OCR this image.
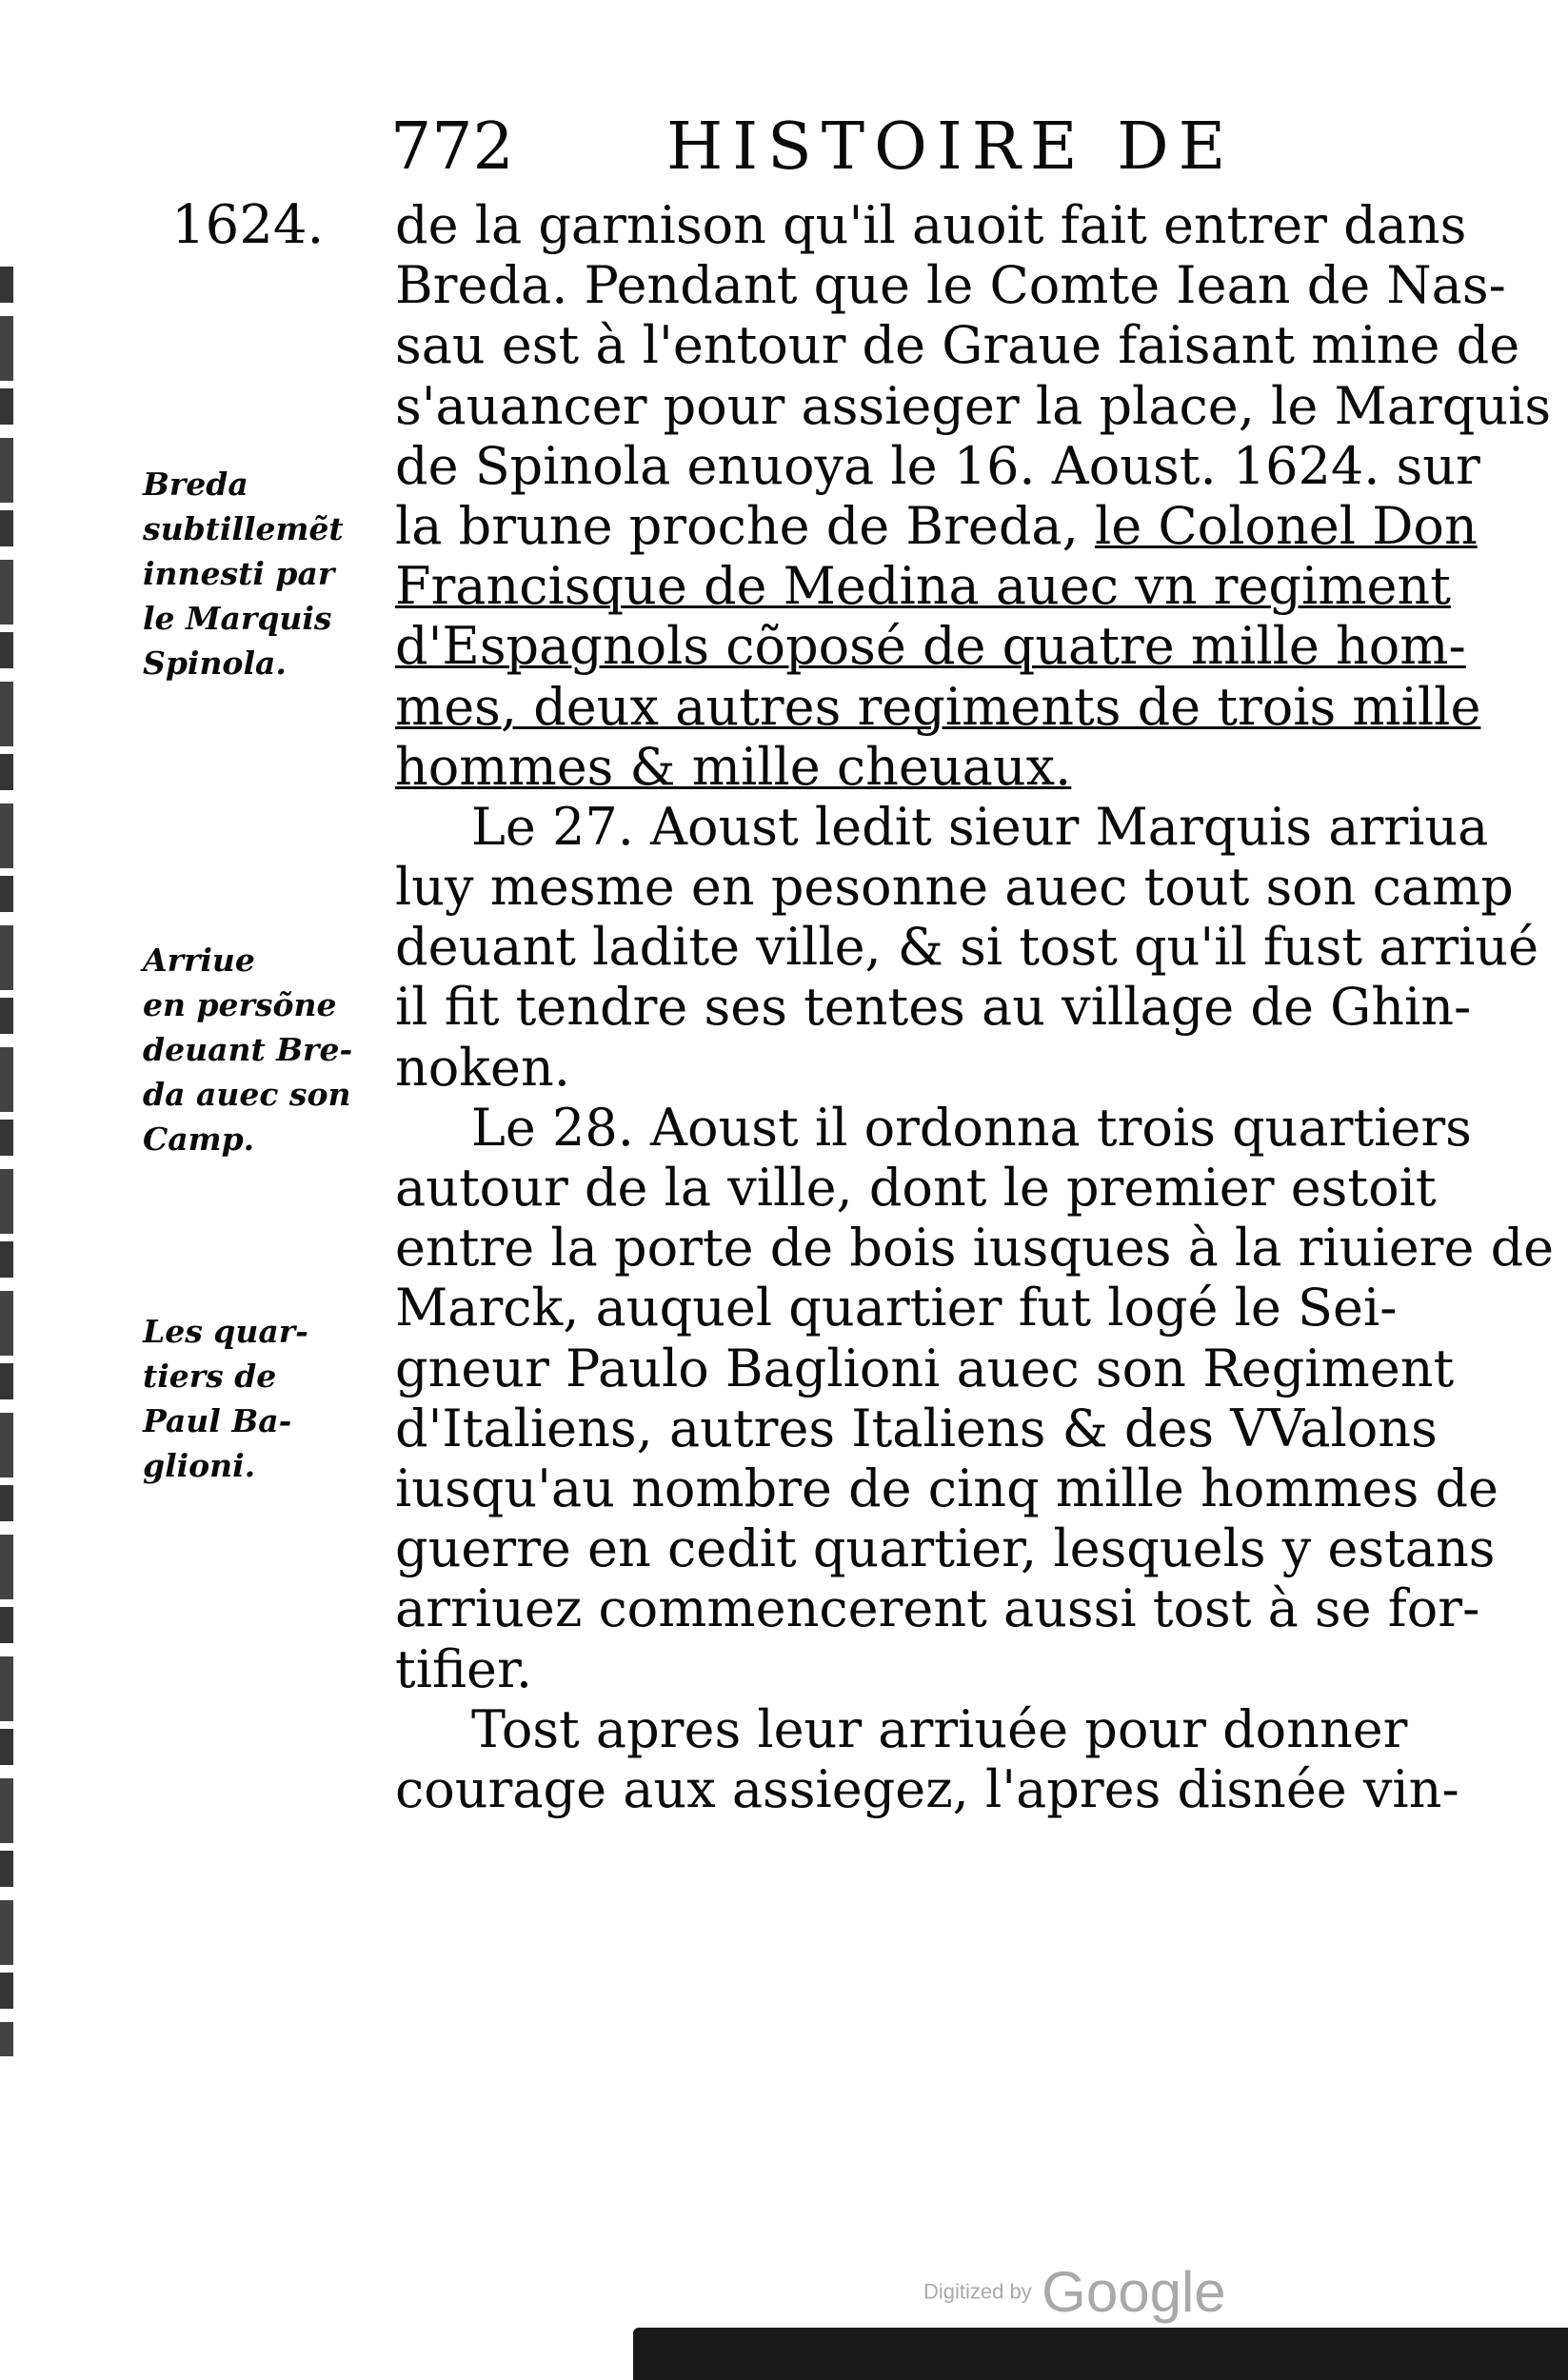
772 HISTOIRE DE
1624.
Breda
subtillemẽt
innesti par
le Marquis
Spinola.
Arriue
en persõne
deuant Bre-
da auec son
Camp.
Les quar-
tiers de
Paul Ba-
glioni.
de la garnison qu'il auoit fait entrer dans
Breda. Pendant que le Comte Iean de Nas-
sau est à l'entour de Graue faisant mine de
s'auancer pour assieger la place, le Marquis
de Spinola enuoya le 16. Aoust. 1624. sur
la brune proche de Breda, le Colonel Don
Francisque de Medina auec vn regiment
d'Espagnols cõposé de quatre mille hom-
mes, deux autres regiments de trois mille
hommes & mille cheuaux.
Le 27. Aoust ledit sieur Marquis arriua
luy mesme en pesonne auec tout son camp
deuant ladite ville, & si tost qu'il fust arriué
il fit tendre ses tentes au village de Ghin-
noken.
Le 28. Aoust il ordonna trois quartiers
autour de la ville, dont le premier estoit
entre la porte de bois iusques à la riuiere de
Marck, auquel quartier fut logé le Sei-
gneur Paulo Baglioni auec son Regiment
d'Italiens, autres Italiens & des VValons
iusqu'au nombre de cinq mille hommes de
guerre en cedit quartier, lesquels y estans
arriuez commencerent aussi tost à se for-
tifier.
Tost apres leur arriuée pour donner
courage aux assiegez, l'apres disnée vin-
Digitized by Google
